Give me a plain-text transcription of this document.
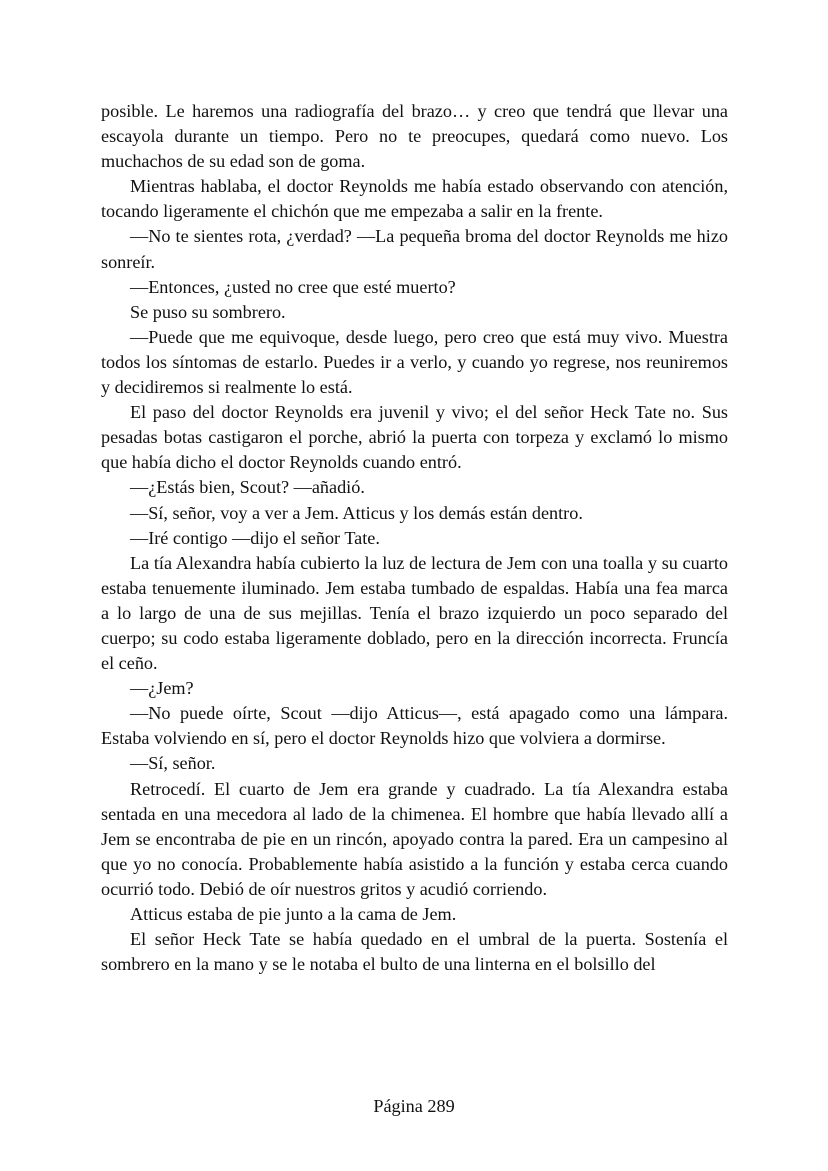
posible. Le haremos una radiografía del brazo… y creo que tendrá que llevar una escayola durante un tiempo. Pero no te preocupes, quedará como nuevo. Los muchachos de su edad son de goma.

Mientras hablaba, el doctor Reynolds me había estado observando con atención, tocando ligeramente el chichón que me empezaba a salir en la frente.

—No te sientes rota, ¿verdad? —La pequeña broma del doctor Reynolds me hizo sonreír.

—Entonces, ¿usted no cree que esté muerto?

Se puso su sombrero.

—Puede que me equivoque, desde luego, pero creo que está muy vivo. Muestra todos los síntomas de estarlo. Puedes ir a verlo, y cuando yo regrese, nos reuniremos y decidiremos si realmente lo está.

El paso del doctor Reynolds era juvenil y vivo; el del señor Heck Tate no. Sus pesadas botas castigaron el porche, abrió la puerta con torpeza y exclamó lo mismo que había dicho el doctor Reynolds cuando entró.

—¿Estás bien, Scout? —añadió.

—Sí, señor, voy a ver a Jem. Atticus y los demás están dentro.

—Iré contigo —dijo el señor Tate.

La tía Alexandra había cubierto la luz de lectura de Jem con una toalla y su cuarto estaba tenuemente iluminado. Jem estaba tumbado de espaldas. Había una fea marca a lo largo de una de sus mejillas. Tenía el brazo izquierdo un poco separado del cuerpo; su codo estaba ligeramente doblado, pero en la dirección incorrecta. Fruncía el ceño.

—¿Jem?

—No puede oírte, Scout —dijo Atticus—, está apagado como una lámpara. Estaba volviendo en sí, pero el doctor Reynolds hizo que volviera a dormirse.

—Sí, señor.

Retrocedí. El cuarto de Jem era grande y cuadrado. La tía Alexandra estaba sentada en una mecedora al lado de la chimenea. El hombre que había llevado allí a Jem se encontraba de pie en un rincón, apoyado contra la pared. Era un campesino al que yo no conocía. Probablemente había asistido a la función y estaba cerca cuando ocurrió todo. Debió de oír nuestros gritos y acudió corriendo.

Atticus estaba de pie junto a la cama de Jem.

El señor Heck Tate se había quedado en el umbral de la puerta. Sostenía el sombrero en la mano y se le notaba el bulto de una linterna en el bolsillo del

Página 289
